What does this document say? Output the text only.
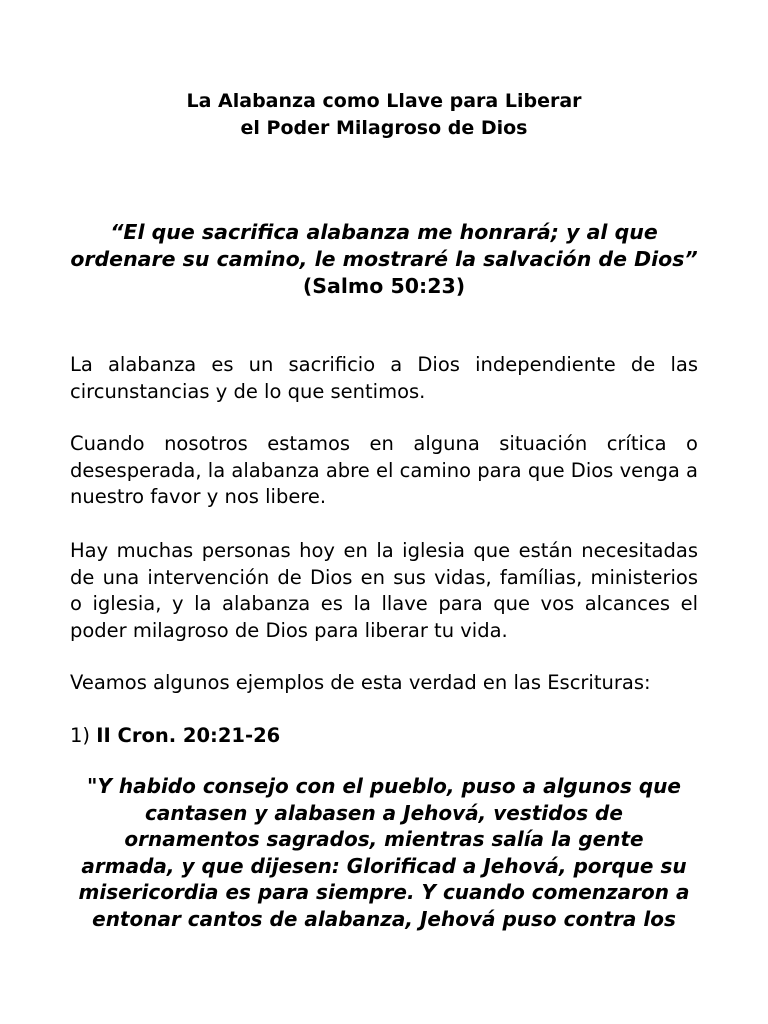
La Alabanza como Llave para Liberar
el Poder Milagroso de Dios
“El que sacrifica alabanza me honrará; y al que
ordenare su camino, le mostraré la salvación de Dios”
(Salmo 50:23)
La alabanza es un sacrificio a Dios independiente de las circunstancias y de lo que sentimos.
Cuando nosotros estamos en alguna situación crítica o desesperada, la alabanza abre el camino para que Dios venga a nuestro favor y nos libere.
Hay muchas personas hoy en la iglesia que están necesitadas de una intervención de Dios en sus vidas, famílias, ministerios o iglesia, y la alabanza es la llave para que vos alcances el poder milagroso de Dios para liberar tu vida.
Veamos algunos ejemplos de esta verdad en las Escrituras:
1) II Cron. 20:21-26
"Y habido consejo con el pueblo, puso a algunos que
cantasen y alabasen a Jehová, vestidos de
ornamentos sagrados, mientras salía la gente
armada, y que dijesen: Glorificad a Jehová, porque su
misericordia es para siempre. Y cuando comenzaron a
entonar cantos de alabanza, Jehová puso contra los
